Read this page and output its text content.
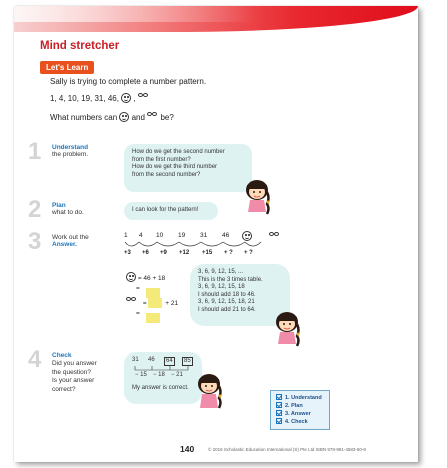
Mind stretcher
Let's Learn
Sally is trying to complete a number pattern.
1, 4, 10, 19, 31, 46,  ,
What numbers can and be?
1 Understand
the problem.	How do we get the second number
from the first number?
How do we get the third number
from the second number?
2 Plan
what to do.	I can look for the pattern!
3 Work out the
Answer.
1 4 10 19 31 46

+3 +6 +9 +12 +15 + ? + ?
= 46 + 18
=
=	+ 21
=
3, 6, 9, 12, 15, ...
This is the 3 times table.
3, 6, 9, 12, 15, 18
I should add 18 to 46.
3, 6, 9, 12, 15, 18, 21
I should add 21 to 64.
4 Check
Did you answer
the question?
Is your answer
correct?
31 46	64	85
− 15 − 18 − 21
My answer is correct.
1. Understand
2. Plan
3. Answer
4. Check
140	© 2016 Scholastic Education International (S) Pte Ltd ISBN 978-981-4583-60-9
